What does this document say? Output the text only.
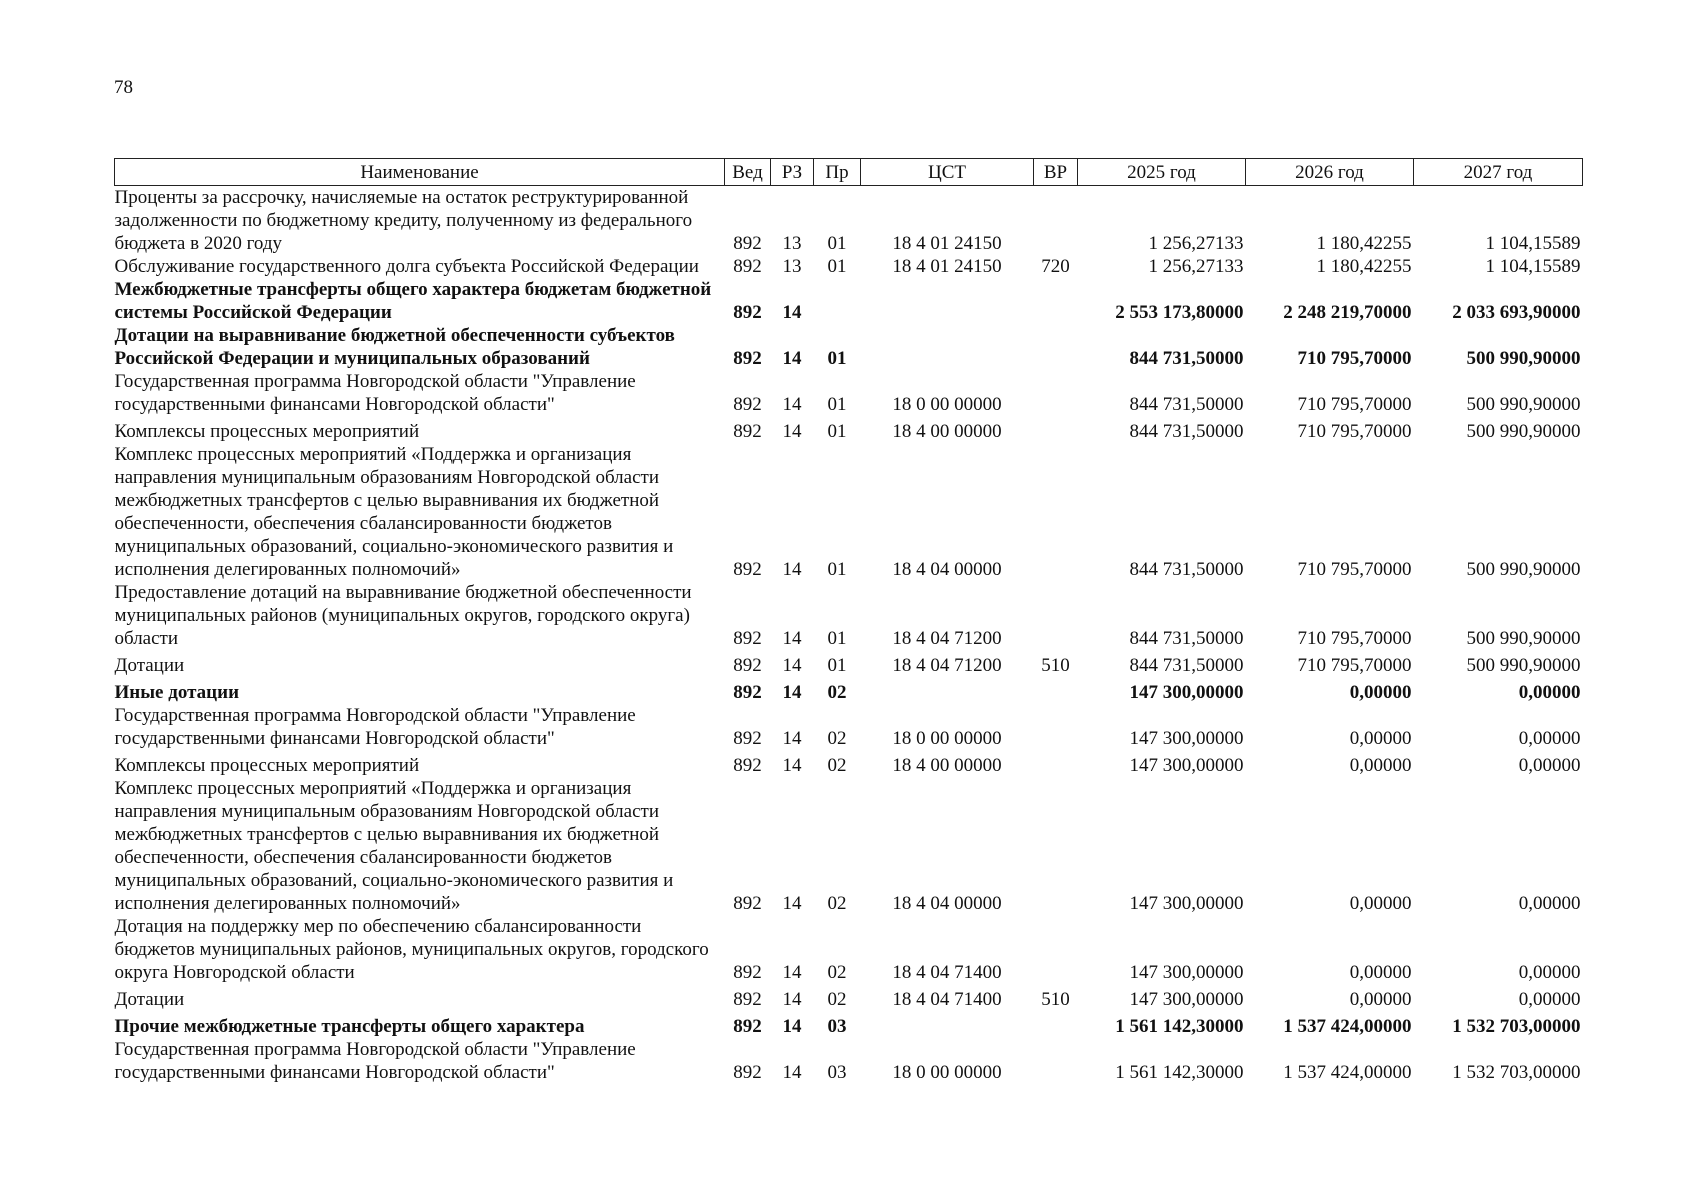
78
Наименование	Вед	РЗ	Пр	ЦСТ	ВР	2025 год	2026 год	2027 год
Проценты за рассрочку, начисляемые на остаток реструктурированной задолженности по бюджетному кредиту, полученному из федерального бюджета в 2020 году	892	13	01	18 4 01 24150		1 256,27133	1 180,42255	1 104,15589
Обслуживание государственного долга субъекта Российской Федерации	892	13	01	18 4 01 24150	720	1 256,27133	1 180,42255	1 104,15589
Межбюджетные трансферты общего характера бюджетам бюджетной системы Российской Федерации	892	14				2 553 173,80000	2 248 219,70000	2 033 693,90000
Дотации на выравнивание бюджетной обеспеченности субъектов Российской Федерации и муниципальных образований	892	14	01			844 731,50000	710 795,70000	500 990,90000
Государственная программа Новгородской области "Управление государственными финансами Новгородской области"	892	14	01	18 0 00 00000		844 731,50000	710 795,70000	500 990,90000
Комплексы процессных мероприятий	892	14	01	18 4 00 00000		844 731,50000	710 795,70000	500 990,90000
Комплекс процессных мероприятий «Поддержка и организация направления муниципальным образованиям Новгородской области межбюджетных трансфертов с целью выравнивания их бюджетной обеспеченности, обеспечения сбалансированности бюджетов муниципальных образований, социально-экономического развития и исполнения делегированных полномочий»	892	14	01	18 4 04 00000		844 731,50000	710 795,70000	500 990,90000
Предоставление дотаций на выравнивание бюджетной обеспеченности муниципальных районов (муниципальных округов, городского округа) области	892	14	01	18 4 04 71200		844 731,50000	710 795,70000	500 990,90000
Дотации	892	14	01	18 4 04 71200	510	844 731,50000	710 795,70000	500 990,90000
Иные дотации	892	14	02			147 300,00000	0,00000	0,00000
Государственная программа Новгородской области "Управление государственными финансами Новгородской области"	892	14	02	18 0 00 00000		147 300,00000	0,00000	0,00000
Комплексы процессных мероприятий	892	14	02	18 4 00 00000		147 300,00000	0,00000	0,00000
Комплекс процессных мероприятий «Поддержка и организация направления муниципальным образованиям Новгородской области межбюджетных трансфертов с целью выравнивания их бюджетной обеспеченности, обеспечения сбалансированности бюджетов муниципальных образований, социально-экономического развития и исполнения делегированных полномочий»	892	14	02	18 4 04 00000		147 300,00000	0,00000	0,00000
Дотация на поддержку мер по обеспечению сбалансированности бюджетов муниципальных районов, муниципальных округов, городского округа Новгородской области	892	14	02	18 4 04 71400		147 300,00000	0,00000	0,00000
Дотации	892	14	02	18 4 04 71400	510	147 300,00000	0,00000	0,00000
Прочие межбюджетные трансферты общего характера	892	14	03			1 561 142,30000	1 537 424,00000	1 532 703,00000
Государственная программа Новгородской области "Управление государственными финансами Новгородской области"	892	14	03	18 0 00 00000		1 561 142,30000	1 537 424,00000	1 532 703,00000
